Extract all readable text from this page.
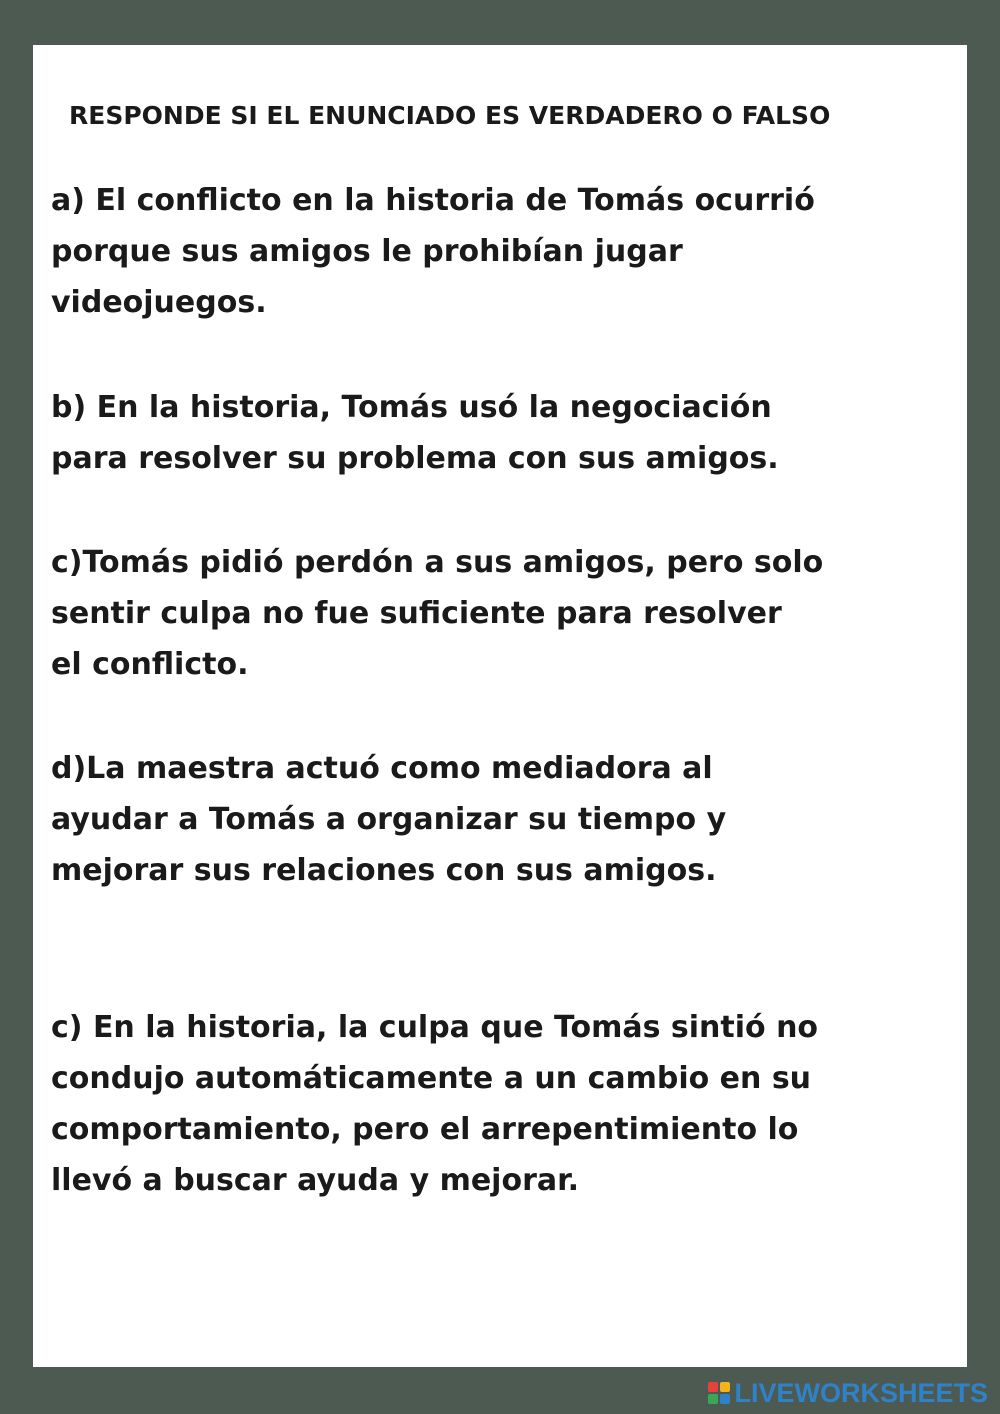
RESPONDE SI EL ENUNCIADO ES VERDADERO O FALSO
a) El conflicto en la historia de Tomás ocurrió
porque sus amigos le prohibían jugar
videojuegos.
b) En la historia, Tomás usó la negociación
para resolver su problema con sus amigos.
c)Tomás pidió perdón a sus amigos, pero solo
sentir culpa no fue suficiente para resolver
el conflicto.
d)La maestra actuó como mediadora al
ayudar a Tomás a organizar su tiempo y
mejorar sus relaciones con sus amigos.
c) En la historia, la culpa que Tomás sintió no
condujo automáticamente a un cambio en su
comportamiento, pero el arrepentimiento lo
llevó a buscar ayuda y mejorar.
LIVEWORKSHEETS
